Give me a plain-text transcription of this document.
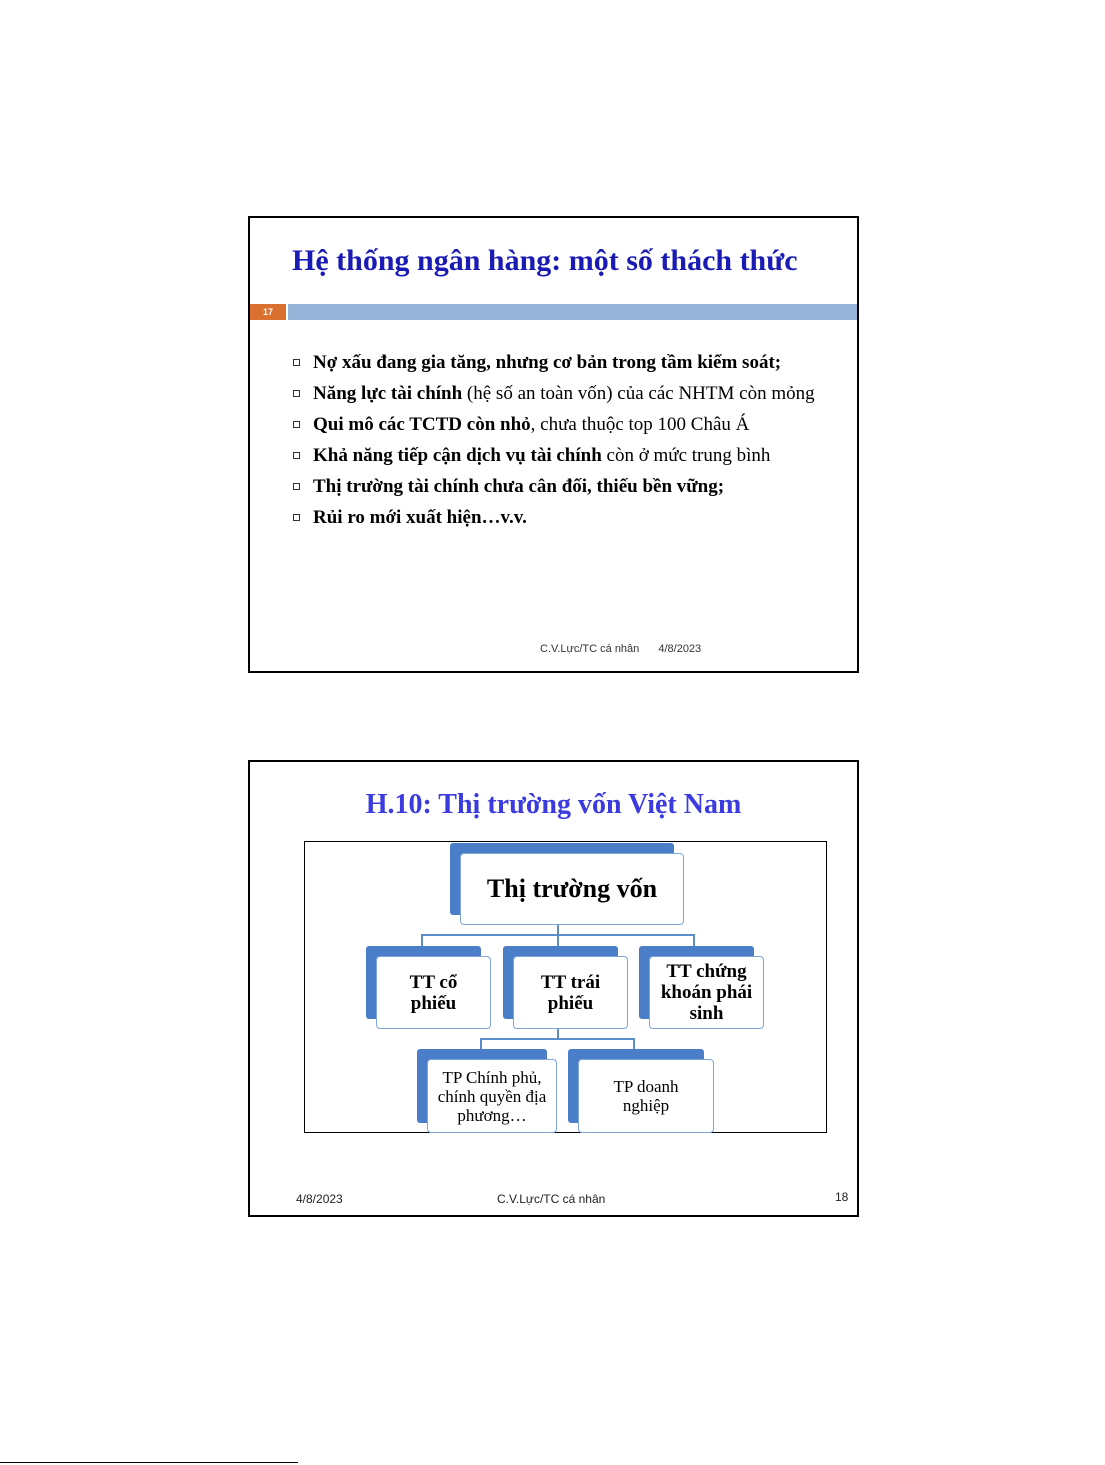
Hệ thống ngân hàng: một số thách thức
17
Nợ xấu đang gia tăng, nhưng cơ bản trong tầm kiểm soát;
Năng lực tài chính (hệ số an toàn vốn) của các NHTM còn mỏng
Qui mô các TCTD còn nhỏ, chưa thuộc top 100 Châu Á
Khả năng tiếp cận dịch vụ tài chính còn ở mức trung bình
Thị trường tài chính chưa cân đối, thiếu bền vững;
Rủi ro mới xuất hiện…v.v.
C.V.Lực/TC cá nhân 4/8/2023
H.10: Thị trường vốn Việt Nam
Thị trường vốn
TT cổ phiếu
TT trái phiếu
TT chứng khoán phái sinh
TP Chính phủ, chính quyền địa phương…
TP doanh nghiệp
4/8/2023	C.V.Lực/TC cá nhân	18
